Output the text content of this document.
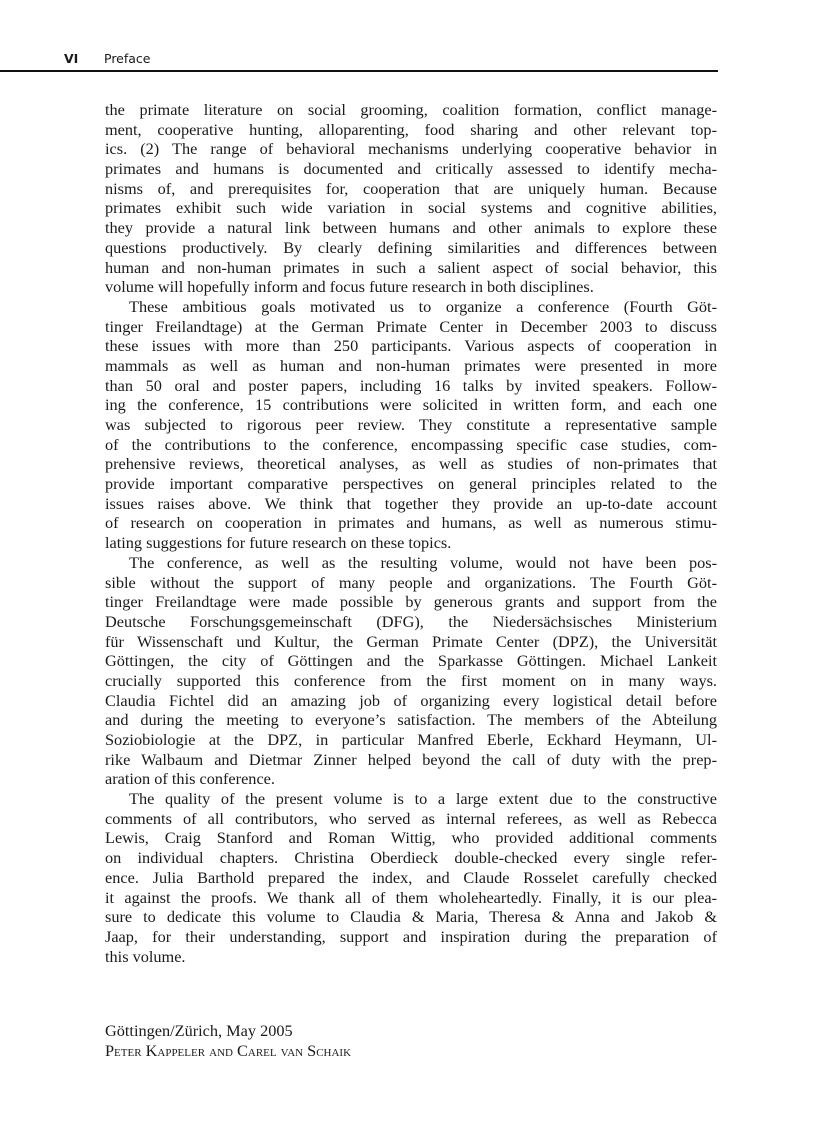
VI Preface
the primate literature on social grooming, coalition formation, conflict manage-
ment, cooperative hunting, alloparenting, food sharing and other relevant top-
ics. (2) The range of behavioral mechanisms underlying cooperative behavior in
primates and humans is documented and critically assessed to identify mecha-
nisms of, and prerequisites for, cooperation that are uniquely human. Because
primates exhibit such wide variation in social systems and cognitive abilities,
they provide a natural link between humans and other animals to explore these
questions productively. By clearly defining similarities and differences between
human and non-human primates in such a salient aspect of social behavior, this
volume will hopefully inform and focus future research in both disciplines.
These ambitious goals motivated us to organize a conference (Fourth Göt-
tinger Freilandtage) at the German Primate Center in December 2003 to discuss
these issues with more than 250 participants. Various aspects of cooperation in
mammals as well as human and non-human primates were presented in more
than 50 oral and poster papers, including 16 talks by invited speakers. Follow-
ing the conference, 15 contributions were solicited in written form, and each one
was subjected to rigorous peer review. They constitute a representative sample
of the contributions to the conference, encompassing specific case studies, com-
prehensive reviews, theoretical analyses, as well as studies of non-primates that
provide important comparative perspectives on general principles related to the
issues raises above. We think that together they provide an up-to-date account
of research on cooperation in primates and humans, as well as numerous stimu-
lating suggestions for future research on these topics.
The conference, as well as the resulting volume, would not have been pos-
sible without the support of many people and organizations. The Fourth Göt-
tinger Freilandtage were made possible by generous grants and support from the
Deutsche Forschungsgemeinschaft (DFG), the Niedersächsisches Ministerium
für Wissenschaft und Kultur, the German Primate Center (DPZ), the Universität
Göttingen, the city of Göttingen and the Sparkasse Göttingen. Michael Lankeit
crucially supported this conference from the first moment on in many ways.
Claudia Fichtel did an amazing job of organizing every logistical detail before
and during the meeting to everyone’s satisfaction. The members of the Abteilung
Soziobiologie at the DPZ, in particular Manfred Eberle, Eckhard Heymann, Ul-
rike Walbaum and Dietmar Zinner helped beyond the call of duty with the prep-
aration of this conference.
The quality of the present volume is to a large extent due to the constructive
comments of all contributors, who served as internal referees, as well as Rebecca
Lewis, Craig Stanford and Roman Wittig, who provided additional comments
on individual chapters. Christina Oberdieck double-checked every single refer-
ence. Julia Barthold prepared the index, and Claude Rosselet carefully checked
it against the proofs. We thank all of them wholeheartedly. Finally, it is our plea-
sure to dedicate this volume to Claudia & Maria, Theresa & Anna and Jakob &
Jaap, for their understanding, support and inspiration during the preparation of
this volume.
Göttingen/Zürich, May 2005
Peter Kappeler and Carel van Schaik
